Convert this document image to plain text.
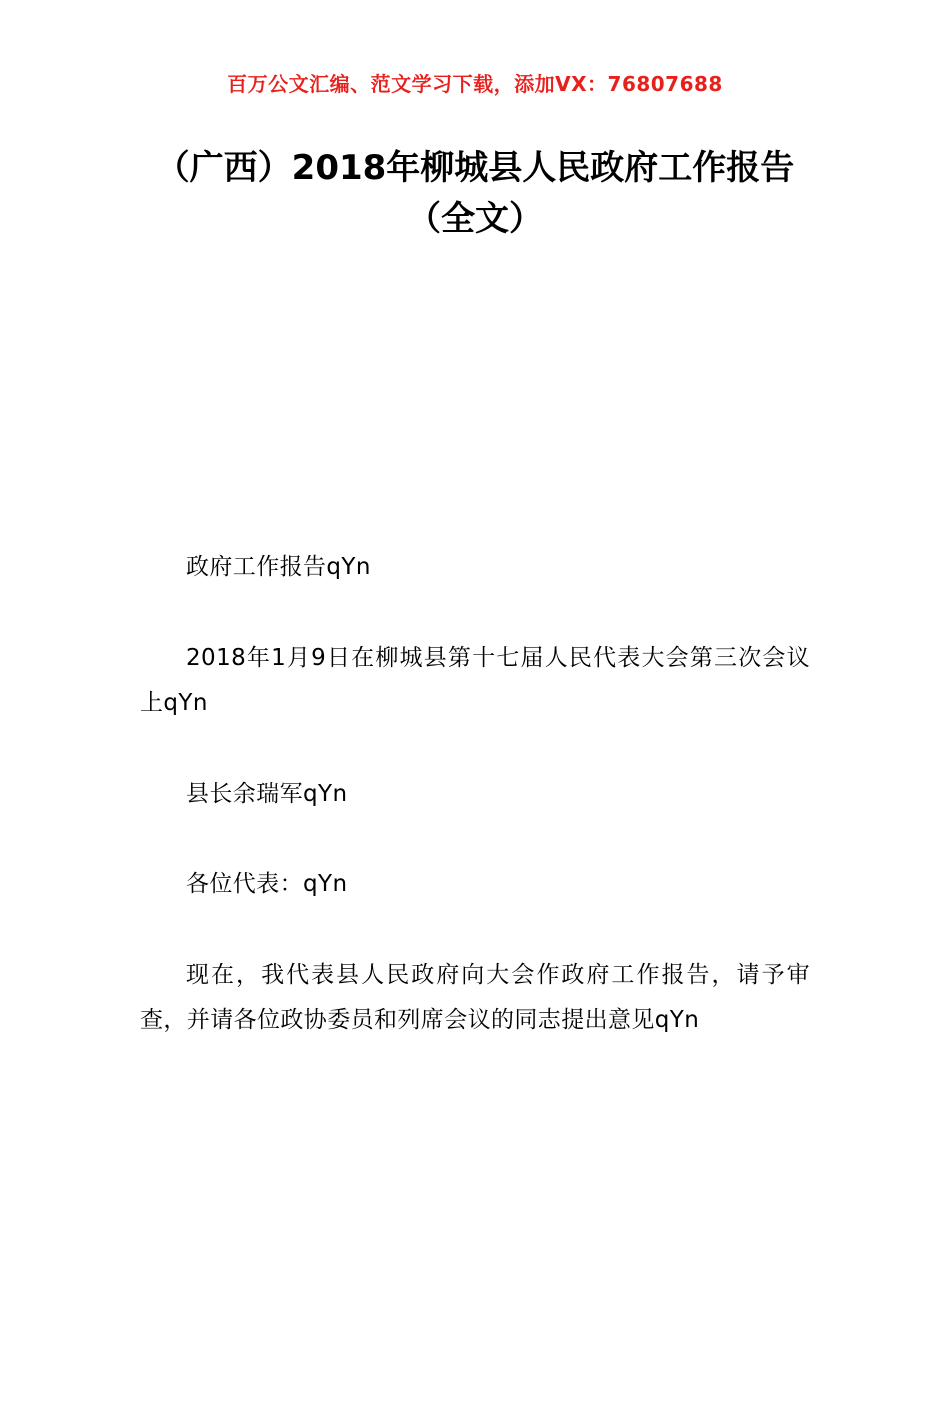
百万公文汇编、范文学习下载，添加VX：76807688
（广西）2018年柳城县人民政府工作报告
（全文）

政府工作报告qYn

2018年1月9日在柳城县第十七届人民代表大会第三次会议上qYn

县长余瑞军qYn

各位代表：qYn

现在，我代表县人民政府向大会作政府工作报告，请予审查，并请各位政协委员和列席会议的同志提出意见qYn
